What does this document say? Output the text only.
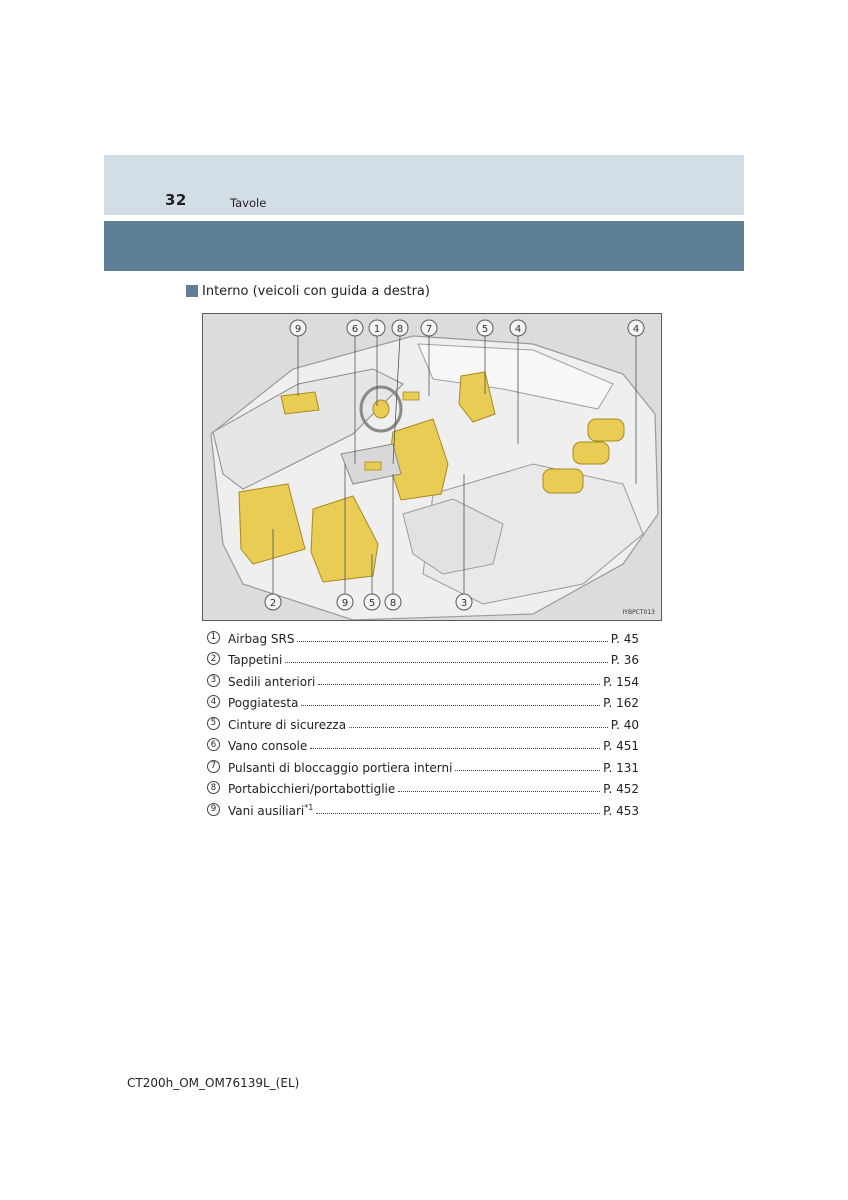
32	Tavole
Interno (veicoli con guida a destra)
9	6 1 8 7	5	4	4
2	9 5 8	3
IYBPCT013
1 Airbag SRS	P. 45
2 Tappetini	P. 36
3 Sedili anteriori	P. 154
4 Poggiatesta	P. 162
5 Cinture di sicurezza	P. 40
6 Vano console	P. 451
7 Pulsanti di bloccaggio portiera interni	P. 131
8 Portabicchieri/portabottiglie	P. 452
9 Vani ausiliari$^{*1}$	P. 453
CT200h_OM_OM76139L_(EL)
